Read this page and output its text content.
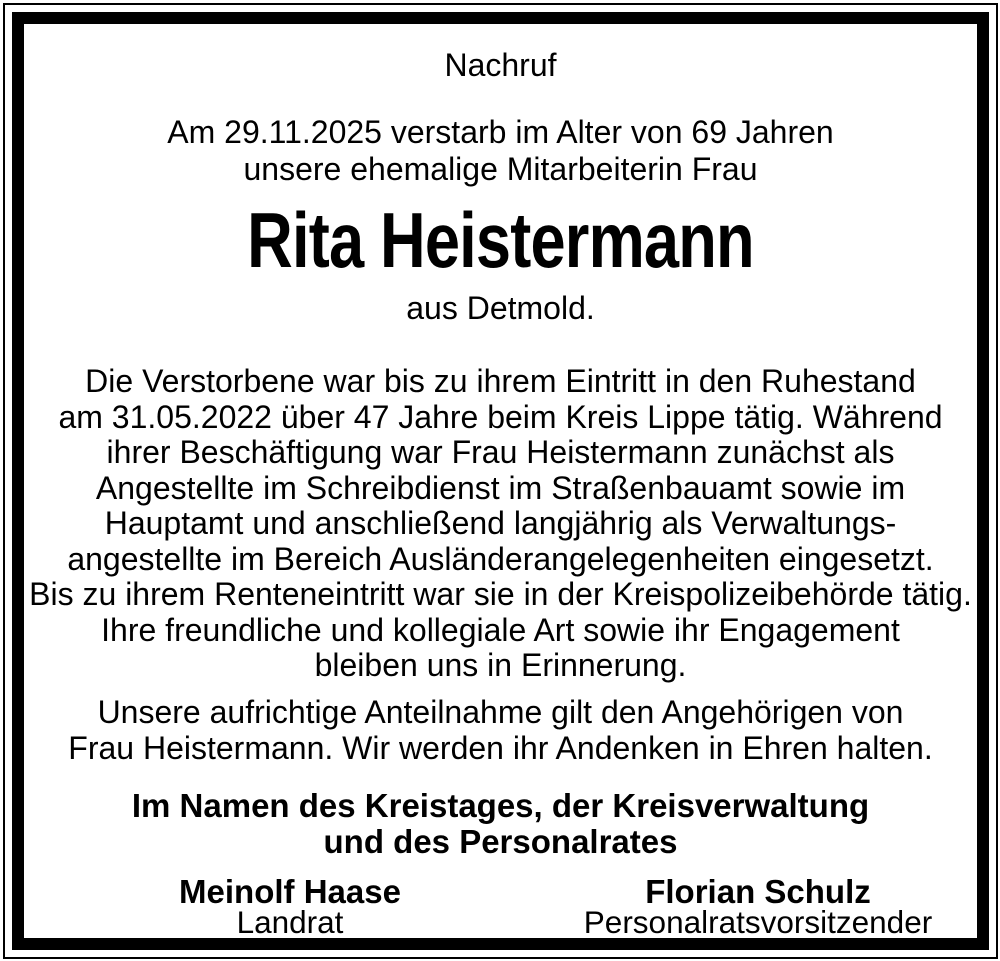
Nachruf
Am 29.11.2025 verstarb im Alter von 69 Jahren
unsere ehemalige Mitarbeiterin Frau
Rita Heistermann
aus Detmold.
Die Verstorbene war bis zu ihrem Eintritt in den Ruhestand
am 31.05.2022 über 47 Jahre beim Kreis Lippe tätig. Während
ihrer Beschäftigung war Frau Heistermann zunächst als
Angestellte im Schreibdienst im Straßenbauamt sowie im
Hauptamt und anschließend langjährig als Verwaltungs-
angestellte im Bereich Ausländerangelegenheiten eingesetzt.
Bis zu ihrem Renteneintritt war sie in der Kreispolizeibehörde tätig.
Ihre freundliche und kollegiale Art sowie ihr Engagement
bleiben uns in Erinnerung.
Unsere aufrichtige Anteilnahme gilt den Angehörigen von
Frau Heistermann. Wir werden ihr Andenken in Ehren halten.
Im Namen des Kreistages, der Kreisverwaltung
und des Personalrates
Meinolf Haase
Landrat
Florian Schulz
Personalratsvorsitzender
